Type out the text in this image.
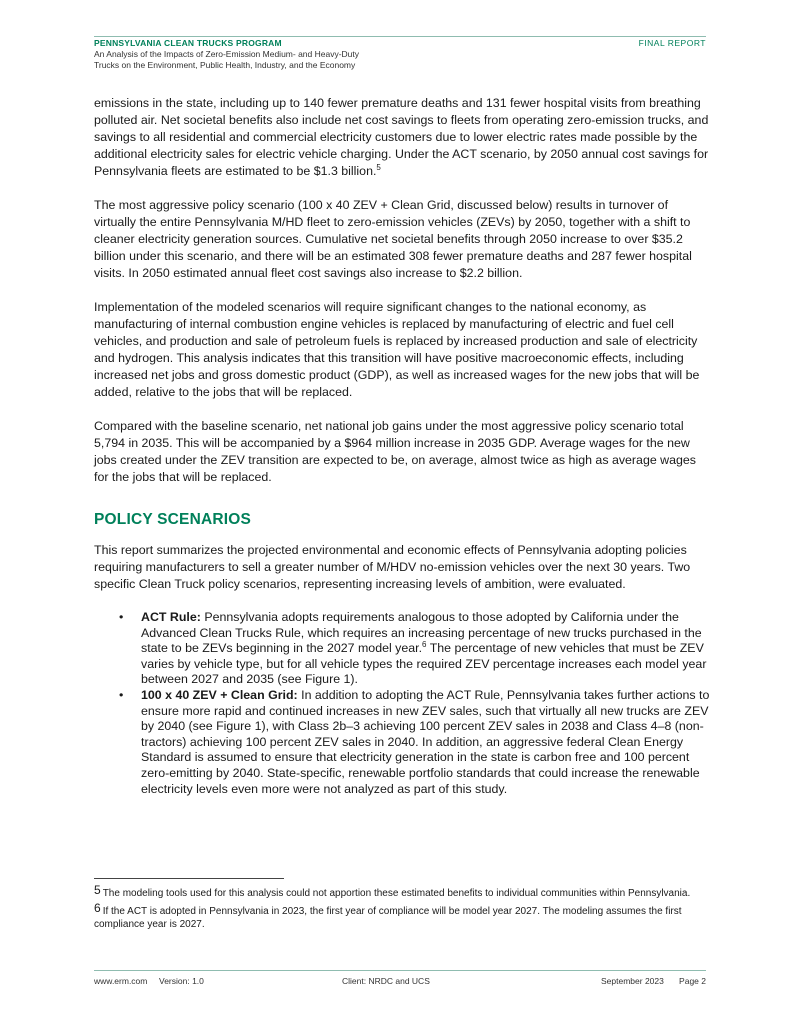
PENNSYLVANIA CLEAN TRUCKS PROGRAM
An Analysis of the Impacts of Zero-Emission Medium- and Heavy-Duty
Trucks on the Environment, Public Health, Industry, and the Economy
FINAL REPORT

emissions in the state, including up to 140 fewer premature deaths and 131 fewer hospital visits from breathing polluted air. Net societal benefits also include net cost savings to fleets from operating zero-emission trucks, and savings to all residential and commercial electricity customers due to lower electric rates made possible by the additional electricity sales for electric vehicle charging. Under the ACT scenario, by 2050 annual cost savings for Pennsylvania fleets are estimated to be $1.3 billion.$^5$

The most aggressive policy scenario (100 x 40 ZEV + Clean Grid, discussed below) results in turnover of virtually the entire Pennsylvania M/HD fleet to zero-emission vehicles (ZEVs) by 2050, together with a shift to cleaner electricity generation sources. Cumulative net societal benefits through 2050 increase to over $35.2 billion under this scenario, and there will be an estimated 308 fewer premature deaths and 287 fewer hospital visits. In 2050 estimated annual fleet cost savings also increase to $2.2 billion.

Implementation of the modeled scenarios will require significant changes to the national economy, as manufacturing of internal combustion engine vehicles is replaced by manufacturing of electric and fuel cell vehicles, and production and sale of petroleum fuels is replaced by increased production and sale of electricity and hydrogen. This analysis indicates that this transition will have positive macroeconomic effects, including increased net jobs and gross domestic product (GDP), as well as increased wages for the new jobs that will be added, relative to the jobs that will be replaced.

Compared with the baseline scenario, net national job gains under the most aggressive policy scenario total 5,794 in 2035. This will be accompanied by a $964 million increase in 2035 GDP. Average wages for the new jobs created under the ZEV transition are expected to be, on average, almost twice as high as average wages for the jobs that will be replaced.

POLICY SCENARIOS

This report summarizes the projected environmental and economic effects of Pennsylvania adopting policies requiring manufacturers to sell a greater number of M/HDV no-emission vehicles over the next 30 years. Two specific Clean Truck policy scenarios, representing increasing levels of ambition, were evaluated.

• ACT Rule: Pennsylvania adopts requirements analogous to those adopted by California under the Advanced Clean Trucks Rule, which requires an increasing percentage of new trucks purchased in the state to be ZEVs beginning in the 2027 model year.$^6$ The percentage of new vehicles that must be ZEV varies by vehicle type, but for all vehicle types the required ZEV percentage increases each model year between 2027 and 2035 (see Figure 1).
• 100 x 40 ZEV + Clean Grid: In addition to adopting the ACT Rule, Pennsylvania takes further actions to ensure more rapid and continued increases in new ZEV sales, such that virtually all new trucks are ZEV by 2040 (see Figure 1), with Class 2b–3 achieving 100 percent ZEV sales in 2038 and Class 4–8 (non-tractors) achieving 100 percent ZEV sales in 2040. In addition, an aggressive federal Clean Energy Standard is assumed to ensure that electricity generation in the state is carbon free and 100 percent zero-emitting by 2040. State-specific, renewable portfolio standards that could increase the renewable electricity levels even more were not analyzed as part of this study.
5 The modeling tools used for this analysis could not apportion these estimated benefits to individual communities within Pennsylvania.
6 If the ACT is adopted in Pennsylvania in 2023, the first year of compliance will be model year 2027. The modeling assumes the first compliance year is 2027.
www.erm.com Version: 1.0	Client: NRDC and UCS	September 2023 Page 2
